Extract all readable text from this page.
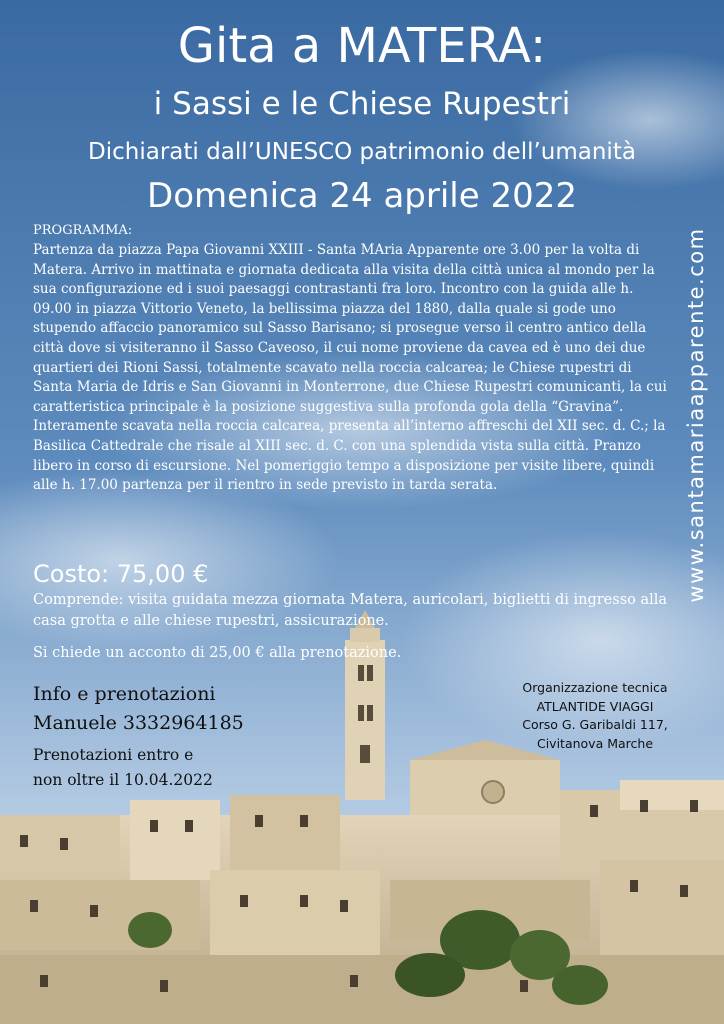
Gita a MATERA:
i Sassi e le Chiese Rupestri
Dichiarati dall’UNESCO patrimonio dell’umanità
Domenica 24 aprile 2022
PROGRAMMA:
Partenza da piazza Papa Giovanni XXIII - Santa MAria Apparente ore 3.00 per la volta di Matera. Arrivo in mattinata e giornata dedicata alla visita della città unica al mondo per la sua configurazione ed i suoi paesaggi contrastanti fra loro. Incontro con la guida alle h. 09.00 in piazza Vittorio Veneto, la bellissima piazza del 1880, dalla quale si gode uno stupendo affaccio panoramico sul Sasso Barisano; si prosegue verso il centro antico della città dove si visiteranno il Sasso Caveoso, il cui nome proviene da cavea ed è uno dei due quartieri dei Rioni Sassi, totalmente scavato nella roccia calcarea; le Chiese rupestri di Santa Maria de Idris e San Giovanni in Monterrone, due Chiese Rupestri comunicanti, la cui caratteristica principale è la posizione suggestiva sulla profonda gola della “Gravina”. Interamente scavata nella roccia calcarea, presenta all’interno affreschi del XII sec. d. C.; la Basilica Cattedrale che risale al XIII sec. d. C. con una splendida vista sulla città. Pranzo libero in corso di escursione. Nel pomeriggio tempo a disposizione per visite libere, quindi alle h. 17.00 partenza per il rientro in sede previsto in tarda serata.
Costo: 75,00 €
Comprende: visita guidata mezza giornata Matera, auricolari, biglietti di ingresso alla casa grotta e alle chiese rupestri, assicurazione.
Si chiede un acconto di 25,00 € alla prenotazione.
Info e prenotazioni
Manuele 3332964185
Prenotazioni entro e
non oltre il 10.04.2022
Organizzazione tecnica
ATLANTIDE VIAGGI
Corso G. Garibaldi 117,
Civitanova Marche
www.santamariaapparente.com
